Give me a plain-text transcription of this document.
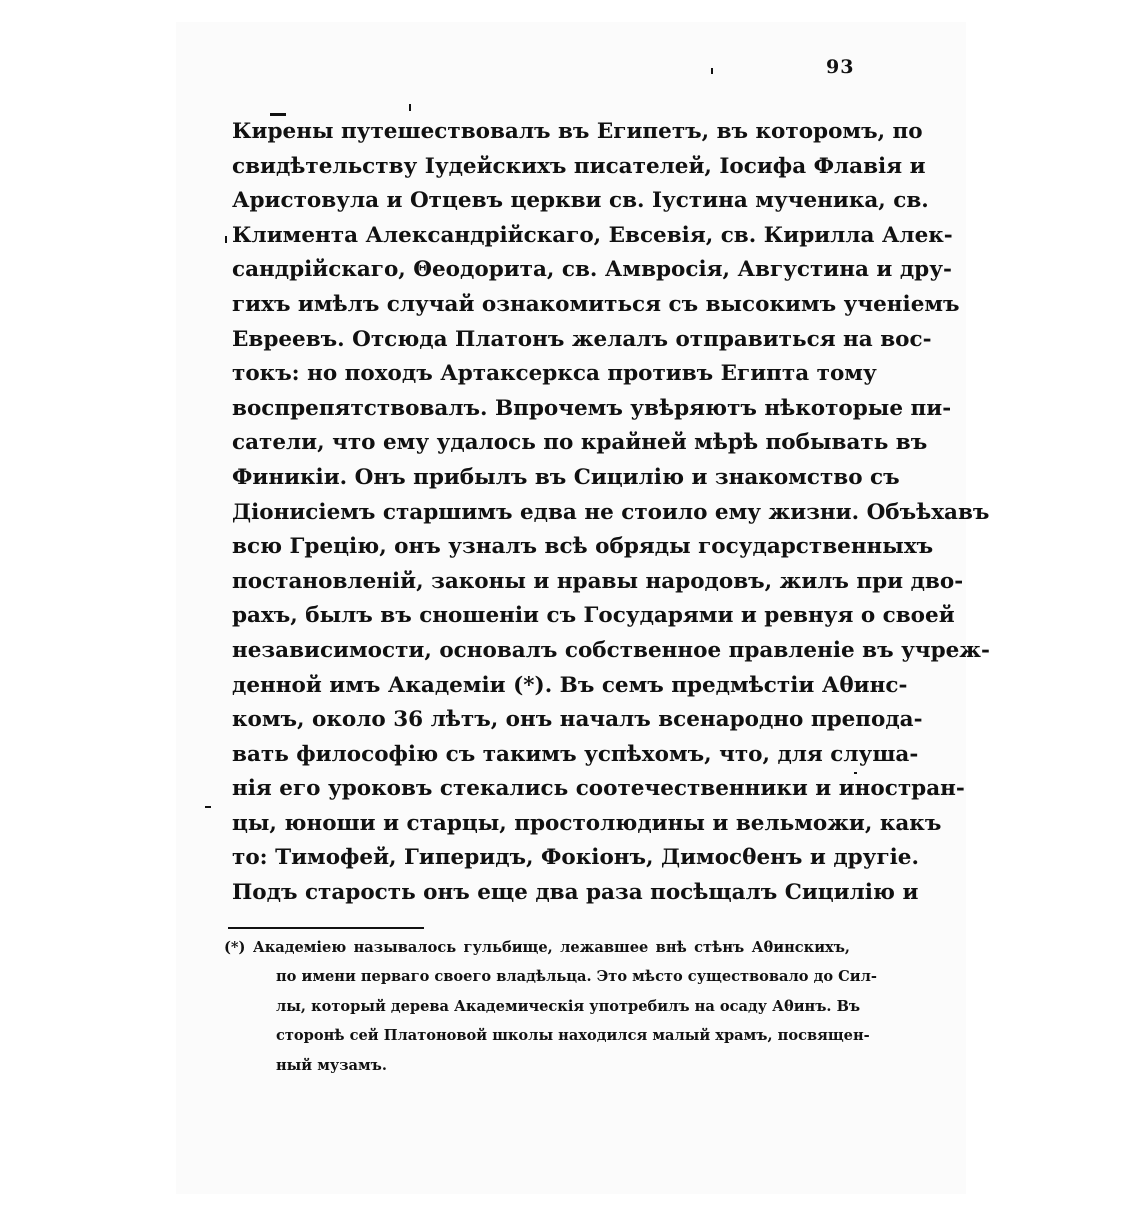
93
Кирены путешествовалъ въ Египетъ, въ которомъ, по
свидѣтельству Іудейскихъ писателей, Іосифа Флавія и
Аристовула и Отцевъ церкви св. Іустина мученика, св.
Климента Александрійскаго, Евсевія, св. Кирилла Алек-
сандрійскаго, Θеодорита, св. Амвросія, Августина и дру-
гихъ имѣлъ случай ознакомиться съ высокимъ ученіемъ
Евреевъ. Отсюда Платонъ желалъ отправиться на вос-
токъ: но походъ Артаксеркса противъ Египта тому
воспрепятствовалъ. Впрочемъ увѣряютъ нѣкоторые пи-
сатели, что ему удалось по крайней мѣрѣ побывать въ
Финикіи. Онъ прибылъ въ Сицилію и знакомство съ
Діонисіемъ старшимъ едва не стоило ему жизни. Объѣхавъ
всю Грецію, онъ узналъ всѣ обряды государственныхъ
постановленій, законы и нравы народовъ, жилъ при дво-
рахъ, былъ въ сношеніи съ Государями и ревнуя о своей
независимости, основалъ собственное правленіе въ учреж-
денной имъ Академіи (*). Въ семъ предмѣстіи Аθинс-
комъ, около 36 лѣтъ, онъ началъ всенародно препода-
вать философію съ такимъ успѣхомъ, что, для слушa-
нія его уроковъ стекались соотечественники и иностран-
цы, юноши и старцы, простолюдины и вельможи, какъ
то: Тимофей, Гиперидъ, Фокіонъ, Димосθенъ и другіе.
Подъ старость онъ еще два раза посѣщалъ Сицилію и
(*) Академіею называлось гульбище, лежавшее внѣ стѣнъ Аθинскихъ,
по имени перваго своего владѣльца. Это мѣсто существовало до Сил-
лы, который дерева Академическія употребилъ на осаду Аθинъ. Въ
сторонѣ сей Платоновой школы находился малый храмъ, посвящен-
ный музамъ.
